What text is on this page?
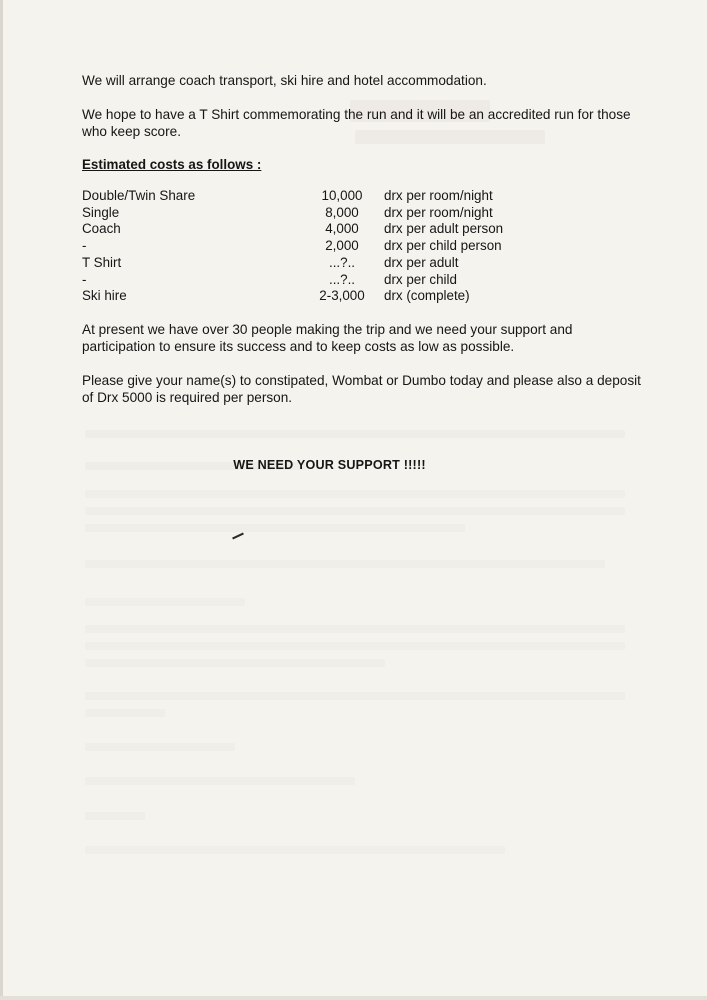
We will arrange coach transport, ski hire and hotel accommodation.

We hope to have a T Shirt commemorating the run and it will be an accredited run for those who keep score.

Estimated costs as follows :
Double/Twin Share	10,000	drx per room/night
Single	8,000	drx per room/night
Coach	4,000	drx per adult person
-	2,000	drx per child person
T Shirt	...?..	drx per adult
-	...?..	drx per child
Ski hire	2-3,000	drx (complete)

At present we have over 30 people making the trip and we need your support and participation to ensure its success and to keep costs as low as possible.

Please give your name(s) to constipated, Wombat or Dumbo today and please also a deposit of Drx 5000 is required per person.

WE NEED YOUR SUPPORT !!!!!
